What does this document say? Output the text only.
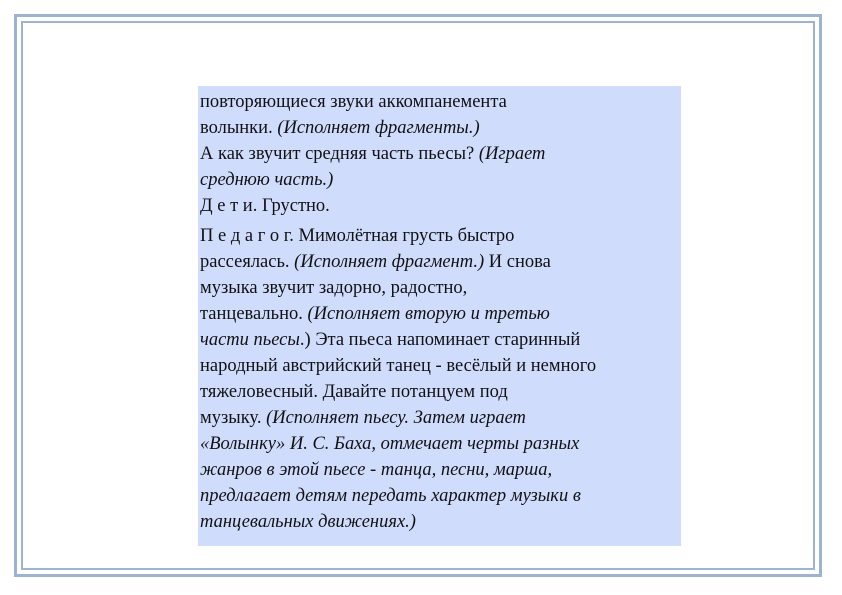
повторяющиеся звуки аккомпанемента
волынки. (Исполняет фрагменты.)
А как звучит средняя часть пьесы? (Играет
среднюю часть.)
Д е т и. Грустно.
П е д а г о г. Мимолётная грусть быстро
рассеялась. (Исполняет фрагмент.) И снова
музыка звучит задорно, радостно,
танцевально. (Исполняет вторую и третью
части пьесы.) Эта пьеса напоминает старинный
народный австрийский танец - весёлый и немного
тяжеловесный. Давайте потанцуем под
музыку. (Исполняет пьесу. Затем играет
«Волынку» И. С. Баха, отмечает черты разных
жанров в этой пьесе - танца, песни, марша,
предлагает детям передать характер музыки в
танцевальных движениях.)
